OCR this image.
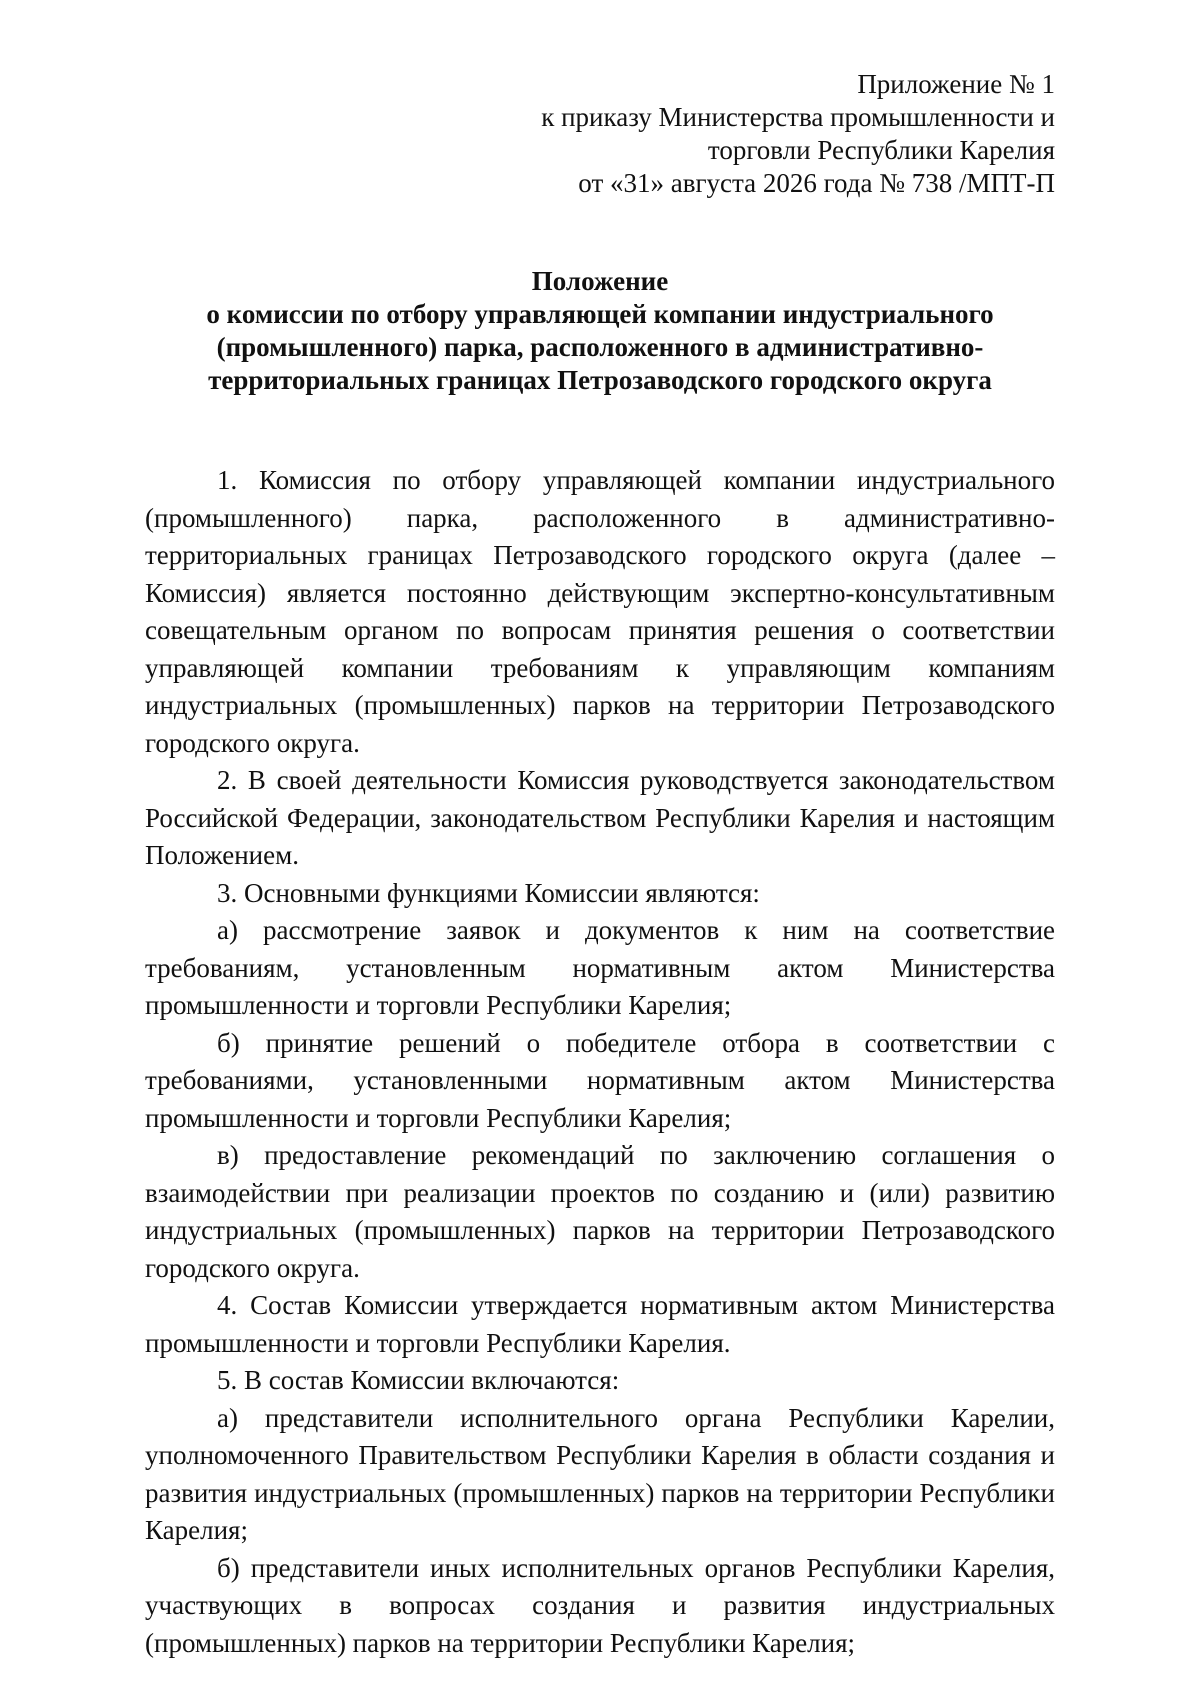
Приложение № 1
к приказу Министерства промышленности и
торговли Республики Карелия
от «31» августа 2026 года № 738 /МПТ-П
Положение
о комиссии по отбору управляющей компании индустриального
(промышленного) парка, расположенного в административно-
территориальных границах Петрозаводского городского округа

1. Комиссия по отбору управляющей компании индустриального (промышленного) парка, расположенного в административно-территориальных границах Петрозаводского городского округа (далее – Комиссия) является постоянно действующим экспертно-консультативным совещательным органом по вопросам принятия решения о соответствии управляющей компании требованиям к управляющим компаниям индустриальных (промышленных) парков на территории Петрозаводского городского округа.

2. В своей деятельности Комиссия руководствуется законодательством Российской Федерации, законодательством Республики Карелия и настоящим Положением.

3. Основными функциями Комиссии являются:

а) рассмотрение заявок и документов к ним на соответствие требованиям, установленным нормативным актом Министерства промышленности и торговли Республики Карелия;

б) принятие решений о победителе отбора в соответствии с требованиями, установленными нормативным актом Министерства промышленности и торговли Республики Карелия;

в) предоставление рекомендаций по заключению соглашения о взаимодействии при реализации проектов по созданию и (или) развитию индустриальных (промышленных) парков на территории Петрозаводского городского округа.

4. Состав Комиссии утверждается нормативным актом Министерства промышленности и торговли Республики Карелия.

5. В состав Комиссии включаются:

а) представители исполнительного органа Республики Карелии, уполномоченного Правительством Республики Карелия в области создания и развития индустриальных (промышленных) парков на территории Республики Карелия;

б) представители иных исполнительных органов Республики Карелия, участвующих в вопросах создания и развития индустриальных (промышленных) парков на территории Республики Карелия;
